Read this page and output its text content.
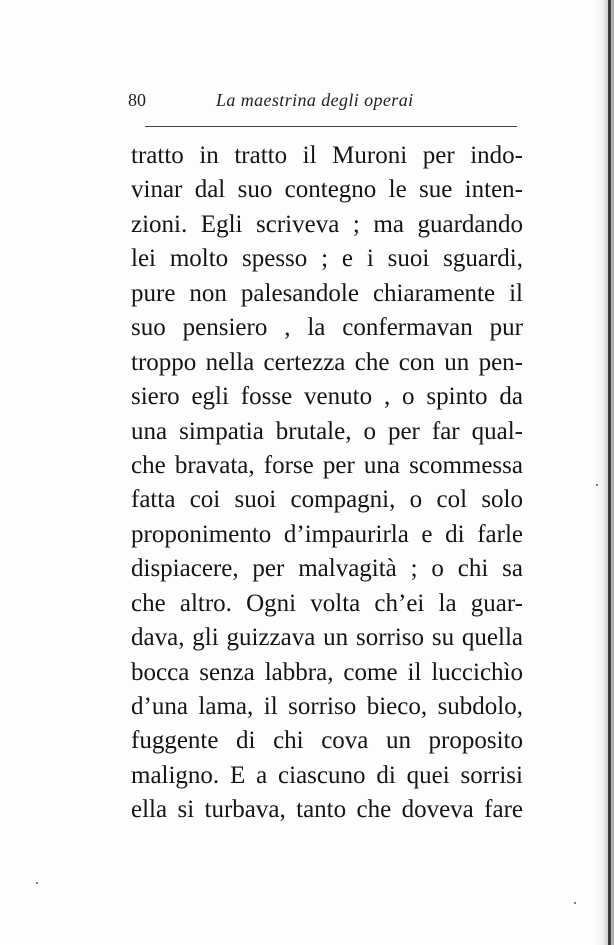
80	La maestrina degli operai
tratto in tratto il Muroni per indo-
vinar dal suo contegno le sue inten-
zioni. Egli scriveva ; ma guardando
lei molto spesso ; e i suoi sguardi,
pure non palesandole chiaramente il
suo pensiero , la confermavan pur
troppo nella certezza che con un pen-
siero egli fosse venuto , o spinto da
una simpatia brutale, o per far qual-
che bravata, forse per una scommessa
fatta coi suoi compagni, o col solo
proponimento d’impaurirla e di farle
dispiacere, per malvagità ; o chi sa
che altro. Ogni volta ch’ei la guar-
dava, gli guizzava un sorriso su quella
bocca senza labbra, come il luccichìo
d’una lama, il sorriso bieco, subdolo,
fuggente di chi cova un proposito
maligno. E a ciascuno di quei sorrisi
ella si turbava, tanto che doveva fare
